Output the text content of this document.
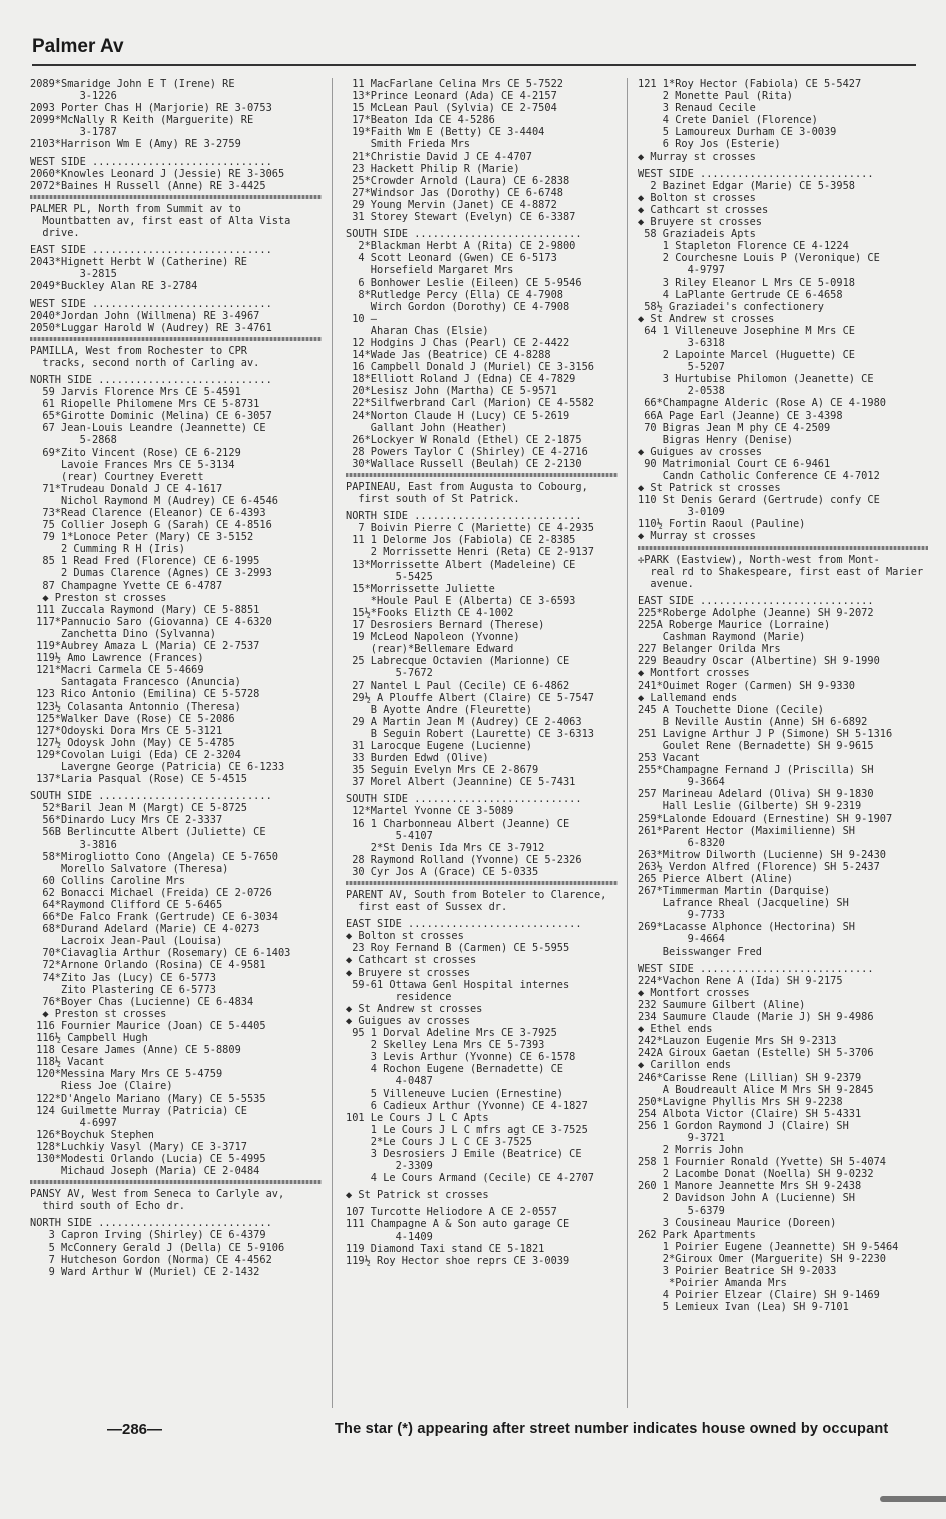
Palmer Av
2089*Smaridge John E T (Irene) RE
3-1226
2093 Porter Chas H (Marjorie) RE 3-0753
2099*McNally R Keith (Marguerite) RE
3-1787
2103*Harrison Wm E (Amy) RE 3-2759
WEST SIDE .............................
2060*Knowles Leonard J (Jessie) RE 3-3065
2072*Baines H Russell (Anne) RE 3-4425
PALMER PL, North from Summit av to
Mountbatten av, first east of Alta Vista
drive.
EAST SIDE .............................
2043*Hignett Herbt W (Catherine) RE
3-2815
2049*Buckley Alan RE 3-2784
WEST SIDE .............................
2040*Jordan John (Willmena) RE 3-4967
2050*Luggar Harold W (Audrey) RE 3-4761
PAMILLA, West from Rochester to CPR
tracks, second north of Carling av.
NORTH SIDE ............................
59 Jarvis Florence Mrs CE 5-4591
61 Riopelle Philomene Mrs CE 5-8731
65*Girotte Dominic (Melina) CE 6-3057
67 Jean-Louis Leandre (Jeannette) CE
5-2868
69*Zito Vincent (Rose) CE 6-2129
Lavoie Frances Mrs CE 5-3134
(rear) Courtney Everett
71*Trudeau Donald J CE 4-1617
Nichol Raymond M (Audrey) CE 6-4546
73*Read Clarence (Eleanor) CE 6-4393
75 Collier Joseph G (Sarah) CE 4-8516
79 1*Lonoce Peter (Mary) CE 3-5152
2 Cumming R H (Iris)
85 1 Read Fred (Florence) CE 6-1995
2 Dumas Clarence (Agnes) CE 3-2993
87 Champagne Yvette CE 6-4787
◆ Preston st crosses
111 Zuccala Raymond (Mary) CE 5-8851
117*Pannucio Saro (Giovanna) CE 4-6320
Zanchetta Dino (Sylvanna)
119*Aubrey Amaza L (Maria) CE 2-7537
119½ Amo Lawrence (Frances)
121*Macri Carmela CE 5-4669
Santagata Francesco (Anuncia)
123 Rico Antonio (Emilina) CE 5-5728
123½ Colasanta Antonnio (Theresa)
125*Walker Dave (Rose) CE 5-2086
127*Odoyski Dora Mrs CE 5-3121
127½ Odoysk John (May) CE 5-4785
129*Covolan Luigi (Eda) CE 2-3204
Lavergne George (Patricia) CE 6-1233
137*Laria Pasqual (Rose) CE 5-4515
SOUTH SIDE ............................
52*Baril Jean M (Margt) CE 5-8725
56*Dinardo Lucy Mrs CE 2-3337
56B Berlincutte Albert (Juliette) CE
3-3816
58*Mirogliotto Cono (Angela) CE 5-7650
Morello Salvatore (Theresa)
60 Collins Caroline Mrs
62 Bonacci Michael (Freida) CE 2-0726
64*Raymond Clifford CE 5-6465
66*De Falco Frank (Gertrude) CE 6-3034
68*Durand Adelard (Marie) CE 4-0273
Lacroix Jean-Paul (Louisa)
70*Ciavaglia Arthur (Rosemary) CE 6-1403
72*Arnone Orlando (Rosina) CE 4-9581
74*Zito Jas (Lucy) CE 6-5773
Zito Plastering CE 6-5773
76*Boyer Chas (Lucienne) CE 6-4834
◆ Preston st crosses
116 Fournier Maurice (Joan) CE 5-4405
116½ Campbell Hugh
118 Cesare James (Anne) CE 5-8809
118½ Vacant
120*Messina Mary Mrs CE 5-4759
Riess Joe (Claire)
122*D'Angelo Mariano (Mary) CE 5-5535
124 Guilmette Murray (Patricia) CE
4-6997
126*Boychuk Stephen
128*Luchkiy Vasyl (Mary) CE 3-3717
130*Modesti Orlando (Lucia) CE 5-4995
Michaud Joseph (Maria) CE 2-0484
PANSY AV, West from Seneca to Carlyle av,
third south of Echo dr.
NORTH SIDE ............................
3 Capron Irving (Shirley) CE 6-4379
5 McConnery Gerald J (Della) CE 5-9106
7 Hutcheson Gordon (Norma) CE 4-4562
9 Ward Arthur W (Muriel) CE 2-1432
11 MacFarlane Celina Mrs CE 5-7522
13*Prince Leonard (Ada) CE 4-2157
15 McLean Paul (Sylvia) CE 2-7504
17*Beaton Ida CE 4-5286
19*Faith Wm E (Betty) CE 3-4404
Smith Frieda Mrs
21*Christie David J CE 4-4707
23 Hackett Philip R (Marie)
25*Crowder Arnold (Laura) CE 6-2838
27*Windsor Jas (Dorothy) CE 6-6748
29 Young Mervin (Janet) CE 4-8872
31 Storey Stewart (Evelyn) CE 6-3387
SOUTH SIDE ...........................
2*Blackman Herbt A (Rita) CE 2-9800
4 Scott Leonard (Gwen) CE 6-5173
Horsefield Margaret Mrs
6 Bonhower Leslie (Eileen) CE 5-9546
8*Rutledge Percy (Ella) CE 4-7908
Wirch Gordon (Dorothy) CE 4-7908
10 —
Aharan Chas (Elsie)
12 Hodgins J Chas (Pearl) CE 2-4422
14*Wade Jas (Beatrice) CE 4-8288
16 Campbell Donald J (Muriel) CE 3-3156
18*Elliott Roland J (Edna) CE 4-7829
20*Lesisz John (Martha) CE 5-9571
22*Silfwerbrand Carl (Marion) CE 4-5582
24*Norton Claude H (Lucy) CE 5-2619
Gallant John (Heather)
26*Lockyer W Ronald (Ethel) CE 2-1875
28 Powers Taylor C (Shirley) CE 4-2716
30*Wallace Russell (Beulah) CE 2-2130
PAPINEAU, East from Augusta to Cobourg,
first south of St Patrick.
NORTH SIDE ...........................
7 Boivin Pierre C (Mariette) CE 4-2935
11 1 Delorme Jos (Fabiola) CE 2-8385
2 Morrissette Henri (Reta) CE 2-9137
13*Morrissette Albert (Madeleine) CE
5-5425
15*Morrissette Juliette
*Houle Paul E (Alberta) CE 3-6593
15½*Fooks Elizth CE 4-1002
17 Desrosiers Bernard (Therese)
19 McLeod Napoleon (Yvonne)
(rear)*Bellemare Edward
25 Labrecque Octavien (Marionne) CE
5-7672
27 Nantel L Paul (Cecile) CE 6-4862
29½ A Plouffe Albert (Claire) CE 5-7547
B Ayotte Andre (Fleurette)
29 A Martin Jean M (Audrey) CE 2-4063
B Seguin Robert (Laurette) CE 3-6313
31 Larocque Eugene (Lucienne)
33 Burden Edwd (Olive)
35 Seguin Evelyn Mrs CE 2-8679
37 Morel Albert (Jeannine) CE 5-7431
SOUTH SIDE ...........................
12*Martel Yvonne CE 3-5089
16 1 Charbonneau Albert (Jeanne) CE
5-4107
2*St Denis Ida Mrs CE 3-7912
28 Raymond Rolland (Yvonne) CE 5-2326
30 Cyr Jos A (Grace) CE 5-0335
PARENT AV, South from Boteler to Clarence,
first east of Sussex dr.
EAST SIDE ............................
◆ Bolton st crosses
23 Roy Fernand B (Carmen) CE 5-5955
◆ Cathcart st crosses
◆ Bruyere st crosses
59-61 Ottawa Genl Hospital internes
residence
◆ St Andrew st crosses
◆ Guigues av crosses
95 1 Dorval Adeline Mrs CE 3-7925
2 Skelley Lena Mrs CE 5-7393
3 Levis Arthur (Yvonne) CE 6-1578
4 Rochon Eugene (Bernadette) CE
4-0487
5 Villeneuve Lucien (Ernestine)
6 Cadieux Arthur (Yvonne) CE 4-1827
101 Le Cours J L C Apts
1 Le Cours J L C mfrs agt CE 3-7525
2*Le Cours J L C CE 3-7525
3 Desrosiers J Emile (Beatrice) CE
2-3309
4 Le Cours Armand (Cecile) CE 4-2707
◆ St Patrick st crosses
107 Turcotte Heliodore A CE 2-0557
111 Champagne A & Son auto garage CE
4-1409
119 Diamond Taxi stand CE 5-1821
119½ Roy Hector shoe reprs CE 3-0039
121 1*Roy Hector (Fabiola) CE 5-5427
2 Monette Paul (Rita)
3 Renaud Cecile
4 Crete Daniel (Florence)
5 Lamoureux Durham CE 3-0039
6 Roy Jos (Esterie)
◆ Murray st crosses
WEST SIDE ............................
2 Bazinet Edgar (Marie) CE 5-3958
◆ Bolton st crosses
◆ Cathcart st crosses
◆ Bruyere st crosses
58 Graziadeis Apts
1 Stapleton Florence CE 4-1224
2 Courchesne Louis P (Veronique) CE
4-9797
3 Riley Eleanor L Mrs CE 5-0918
4 LaPlante Gertrude CE 6-4658
58½ Graziadei's confectionery
◆ St Andrew st crosses
64 1 Villeneuve Josephine M Mrs CE
3-6318
2 Lapointe Marcel (Huguette) CE
5-5207
3 Hurtubise Philomon (Jeanette) CE
2-0538
66*Champagne Alderic (Rose A) CE 4-1980
66A Page Earl (Jeanne) CE 3-4398
70 Bigras Jean M phy CE 4-2509
Bigras Henry (Denise)
◆ Guigues av crosses
90 Matrimonial Court CE 6-9461
Candn Catholic Conference CE 4-7012
◆ St Patrick st crosses
110 St Denis Gerard (Gertrude) confy CE
3-0109
110½ Fortin Raoul (Pauline)
◆ Murray st crosses
✢PARK (Eastview), North-west from Mont-
real rd to Shakespeare, first east of Marier
avenue.
EAST SIDE ............................
225*Roberge Adolphe (Jeanne) SH 9-2072
225A Roberge Maurice (Lorraine)
Cashman Raymond (Marie)
227 Belanger Orilda Mrs
229 Beaudry Oscar (Albertine) SH 9-1990
◆ Montfort crosses
241*Ouimet Roger (Carmen) SH 9-9330
◆ Lallemand ends
245 A Touchette Dione (Cecile)
B Neville Austin (Anne) SH 6-6892
251 Lavigne Arthur J P (Simone) SH 5-1316
Goulet Rene (Bernadette) SH 9-9615
253 Vacant
255*Champagne Fernand J (Priscilla) SH
9-3664
257 Marineau Adelard (Oliva) SH 9-1830
Hall Leslie (Gilberte) SH 9-2319
259*Lalonde Edouard (Ernestine) SH 9-1907
261*Parent Hector (Maximilienne) SH
6-8320
263*Mitrow Dilworth (Lucienne) SH 9-2430
263½ Verdon Alfred (Florence) SH 5-2437
265 Pierce Albert (Aline)
267*Timmerman Martin (Darquise)
Lafrance Rheal (Jacqueline) SH
9-7733
269*Lacasse Alphonce (Hectorina) SH
9-4664
Beisswanger Fred
WEST SIDE ............................
224*Vachon Rene A (Ida) SH 9-2175
◆ Montfort crosses
232 Saumure Gilbert (Aline)
234 Saumure Claude (Marie J) SH 9-4986
◆ Ethel ends
242*Lauzon Eugenie Mrs SH 9-2313
242A Giroux Gaetan (Estelle) SH 5-3706
◆ Carillon ends
246*Carisse Rene (Lillian) SH 9-2379
A Boudreault Alice M Mrs SH 9-2845
250*Lavigne Phyllis Mrs SH 9-2238
254 Albota Victor (Claire) SH 5-4331
256 1 Gordon Raymond J (Claire) SH
9-3721
2 Morris John
258 1 Fournier Ronald (Yvette) SH 5-4074
2 Lacombe Donat (Noella) SH 9-0232
260 1 Manore Jeannette Mrs SH 9-2438
2 Davidson John A (Lucienne) SH
5-6379
3 Cousineau Maurice (Doreen)
262 Park Apartments
1 Poirier Eugene (Jeannette) SH 9-5464
2*Giroux Omer (Marguerite) SH 9-2230
3 Poirier Beatrice SH 9-2033
*Poirier Amanda Mrs
4 Poirier Elzear (Claire) SH 9-1469
5 Lemieux Ivan (Lea) SH 9-7101
—286—	The star (*) appearing after street number indicates house owned by occupant
